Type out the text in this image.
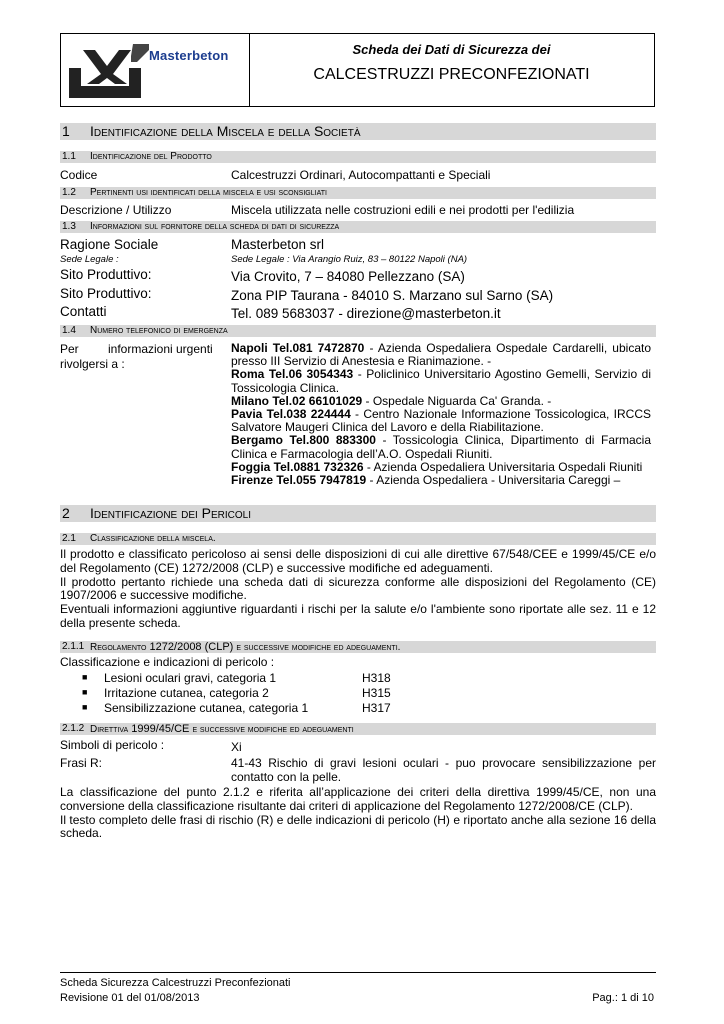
Masterbeton	Scheda dei Dati di Sicurezza dei
CALCESTRUZZI PRECONFEZIONATI
1 Identificazione della Miscela e della Società
1.1 Identificazione del Prodotto
Codice	Calcestruzzi Ordinari, Autocompattanti e Speciali
1.2 Pertinenti usi identificati della miscela e usi sconsigliati
Descrizione / Utilizzo	Miscela utilizzata nelle costruzioni edili e nei prodotti per l'edilizia
1.3 Informazioni sul fornitore della scheda di dati di sicurezza
Ragione Sociale	Masterbeton srl
Sede Legale :	Sede Legale : Via Arangio Ruiz, 83 – 80122 Napoli (NA)
Sito Produttivo:	Via Crovito, 7 – 84080 Pellezzano (SA)
Sito Produttivo:	Zona PIP Taurana - 84010 S. Marzano sul Sarno (SA)
Contatti	Tel. 089 5683037 - direzione@masterbeton.it
1.4 Numero telefonico di emergenza
Per informazioni urgenti
rivolgersi a :

Napoli Tel.081 7472870 - Azienda Ospedaliera Ospedale Cardarelli, ubicato presso III Servizio di Anestesia e Rianimazione. -

Roma Tel.06 3054343 - Policlinico Universitario Agostino Gemelli, Servizio di Tossicologia Clinica.

Milano Tel.02 66101029 - Ospedale Niguarda Ca' Granda. -

Pavia Tel.038 224444 - Centro Nazionale Informazione Tossicologica, IRCCS Salvatore Maugeri Clinica del Lavoro e della Riabilitazione.

Bergamo Tel.800 883300 - Tossicologia Clinica, Dipartimento di Farmacia Clinica e Farmacologia dell’A.O. Ospedali Riuniti.

Foggia Tel.0881 732326 - Azienda Ospedaliera Universitaria Ospedali Riuniti

Firenze Tel.055 7947819 - Azienda Ospedaliera - Universitaria Careggi –

2 Identificazione dei Pericoli
2.1 Classificazione della miscela.

Il prodotto e classificato pericoloso ai sensi delle disposizioni di cui alle direttive 67/548/CEE e 1999/45/CE e/o del Regolamento (CE) 1272/2008 (CLP) e successive modifiche ed adeguamenti.

Il prodotto pertanto richiede una scheda dati di sicurezza conforme alle disposizioni del Regolamento (CE) 1907/2006 e successive modifiche.

Eventuali informazioni aggiuntive riguardanti i rischi per la salute e/o l'ambiente sono riportate alle sez. 11 e 12 della presente scheda.

2.1.1 Regolamento 1272/2008 (CLP) e successive modifiche ed adeguamenti.
Classificazione e indicazioni di pericolo :
■ Lesioni oculari gravi, categoria 1	H318
■ Irritazione cutanea, categoria 2	H315
■ Sensibilizzazione cutanea, categoria 1	H317
2.1.2 Direttiva 1999/45/CE e successive modifiche ed adeguamenti
Simboli di pericolo :	Xi
Frasi R:	41-43 Rischio di gravi lesioni oculari - puo provocare sensibilizzazione per contatto con la pelle.

La classificazione del punto 2.1.2 e riferita all’applicazione dei criteri della direttiva 1999/45/CE, non una conversione della classificazione risultante dai criteri di applicazione del Regolamento 1272/2008/CE (CLP).

Il testo completo delle frasi di rischio (R) e delle indicazioni di pericolo (H) e riportato anche alla sezione 16 della scheda.

Scheda Sicurezza Calcestruzzi Preconfezionati
Revisione 01 del 01/08/2013	Pag.: 1 di 10
